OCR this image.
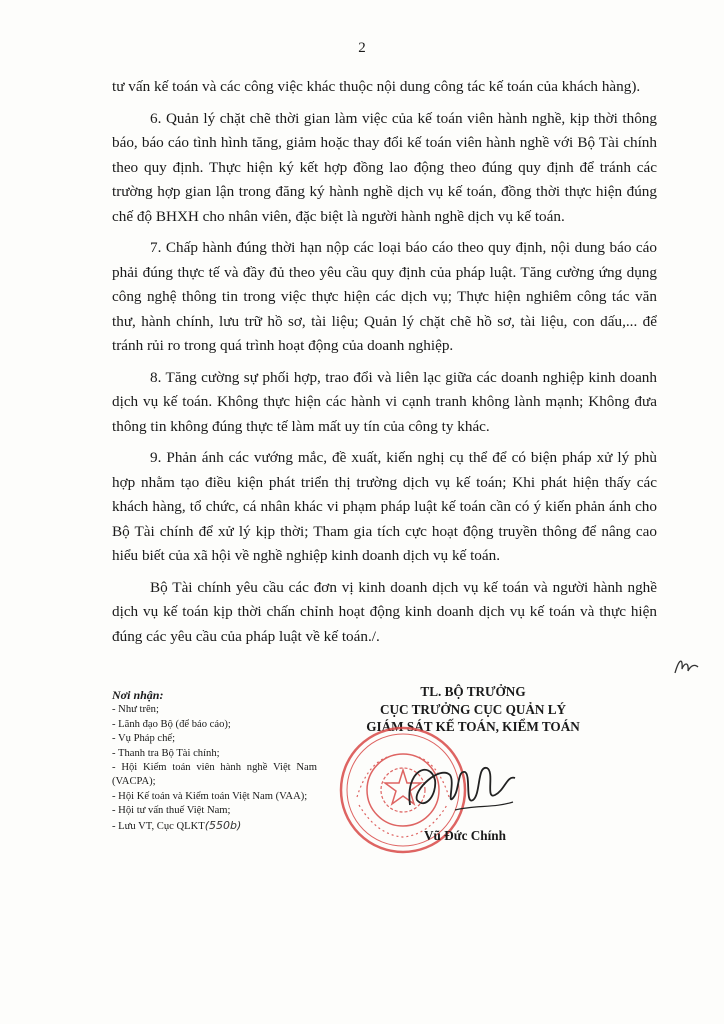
2

tư vấn kế toán và các công việc khác thuộc nội dung công tác kế toán của khách hàng).

6. Quản lý chặt chẽ thời gian làm việc của kế toán viên hành nghề, kịp thời thông báo, báo cáo tình hình tăng, giảm hoặc thay đổi kế toán viên hành nghề với Bộ Tài chính theo quy định. Thực hiện ký kết hợp đồng lao động theo đúng quy định để tránh các trường hợp gian lận trong đăng ký hành nghề dịch vụ kế toán, đồng thời thực hiện đúng chế độ BHXH cho nhân viên, đặc biệt là người hành nghề dịch vụ kế toán.

7. Chấp hành đúng thời hạn nộp các loại báo cáo theo quy định, nội dung báo cáo phải đúng thực tế và đầy đủ theo yêu cầu quy định của pháp luật. Tăng cường ứng dụng công nghệ thông tin trong việc thực hiện các dịch vụ; Thực hiện nghiêm công tác văn thư, hành chính, lưu trữ hồ sơ, tài liệu; Quản lý chặt chẽ hồ sơ, tài liệu, con dấu,... để tránh rủi ro trong quá trình hoạt động của doanh nghiệp.

8. Tăng cường sự phối hợp, trao đổi và liên lạc giữa các doanh nghiệp kinh doanh dịch vụ kế toán. Không thực hiện các hành vi cạnh tranh không lành mạnh; Không đưa thông tin không đúng thực tế làm mất uy tín của công ty khác.

9. Phản ánh các vướng mắc, đề xuất, kiến nghị cụ thể để có biện pháp xử lý phù hợp nhằm tạo điều kiện phát triển thị trường dịch vụ kế toán; Khi phát hiện thấy các khách hàng, tổ chức, cá nhân khác vi phạm pháp luật kế toán cần có ý kiến phản ánh cho Bộ Tài chính để xử lý kịp thời; Tham gia tích cực hoạt động truyền thông để nâng cao hiểu biết của xã hội về nghề nghiệp kinh doanh dịch vụ kế toán.

Bộ Tài chính yêu cầu các đơn vị kinh doanh dịch vụ kế toán và người hành nghề dịch vụ kế toán kịp thời chấn chỉnh hoạt động kinh doanh dịch vụ kế toán và thực hiện đúng các yêu cầu của pháp luật về kế toán./.

Nơi nhận:
- Như trên;
- Lãnh đạo Bộ (để báo cáo);
- Vụ Pháp chế;
- Thanh tra Bộ Tài chính;
- Hội Kiểm toán viên hành nghề Việt Nam (VACPA);
- Hội Kế toán và Kiểm toán Việt Nam (VAA);
- Hội tư vấn thuế Việt Nam;
- Lưu VT, Cục QLKT(550b)
TL. BỘ TRƯỞNG
CỤC TRƯỞNG CỤC QUẢN LÝ
GIÁM SÁT KẾ TOÁN, KIỂM TOÁN
Vũ Đức Chính
